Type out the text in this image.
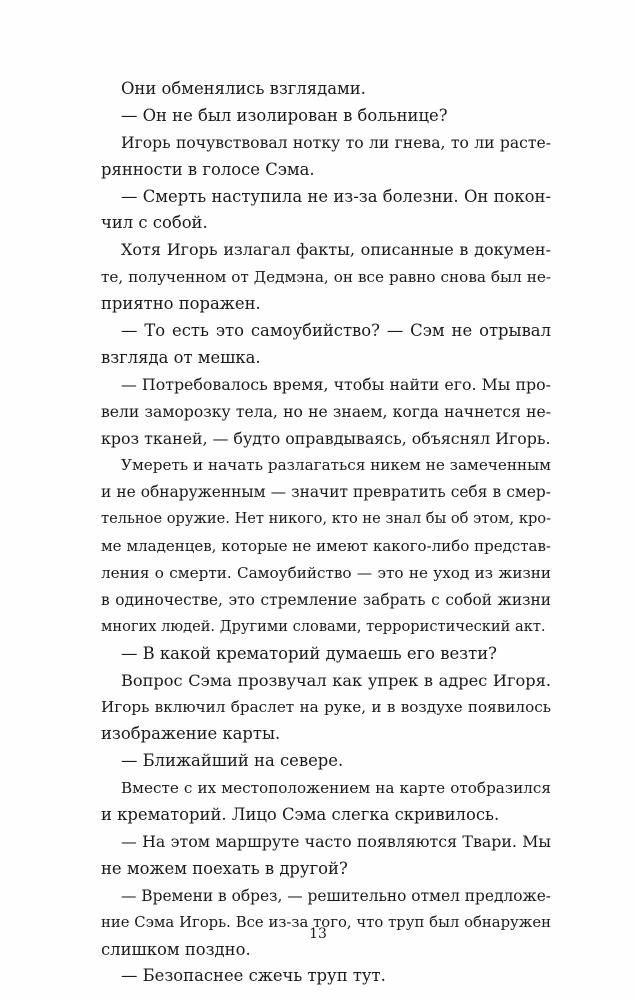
Они обменялись взглядами.
— Он не был изолирован в больнице?
Игорь почувствовал нотку то ли гнева, то ли расте-
рянности в голосе Сэма.
— Смерть наступила не из-за болезни. Он покон-
чил с собой.
Хотя Игорь излагал факты, описанные в докумен-
те, полученном от Дедмэна, он все равно снова был не-
приятно поражен.
— То есть это самоубийство? — Сэм не отрывал
взгляда от мешка.
— Потребовалось время, чтобы найти его. Мы про-
вели заморозку тела, но не знаем, когда начнется не-
кроз тканей, — будто оправдываясь, объяснял Игорь.
Умереть и начать разлагаться никем не замеченным
и не обнаруженным — значит превратить себя в смер-
тельное оружие. Нет никого, кто не знал бы об этом, кро-
ме младенцев, которые не имеют какого-либо представ-
ления о смерти. Самоубийство — это не уход из жизни
в одиночестве, это стремление забрать с собой жизни
многих людей. Другими словами, террористический акт.
— В какой крематорий думаешь его везти?
Вопрос Сэма прозвучал как упрек в адрес Игоря.
Игорь включил браслет на руке, и в воздухе появилось
изображение карты.
— Ближайший на севере.
Вместе с их местоположением на карте отобразился
и крематорий. Лицо Сэма слегка скривилось.
— На этом маршруте часто появляются Твари. Мы
не можем поехать в другой?
— Времени в обрез, — решительно отмел предложе-
ние Сэма Игорь. Все из-за того, что труп был обнаружен
слишком поздно.
— Безопаснее сжечь труп тут.
13
